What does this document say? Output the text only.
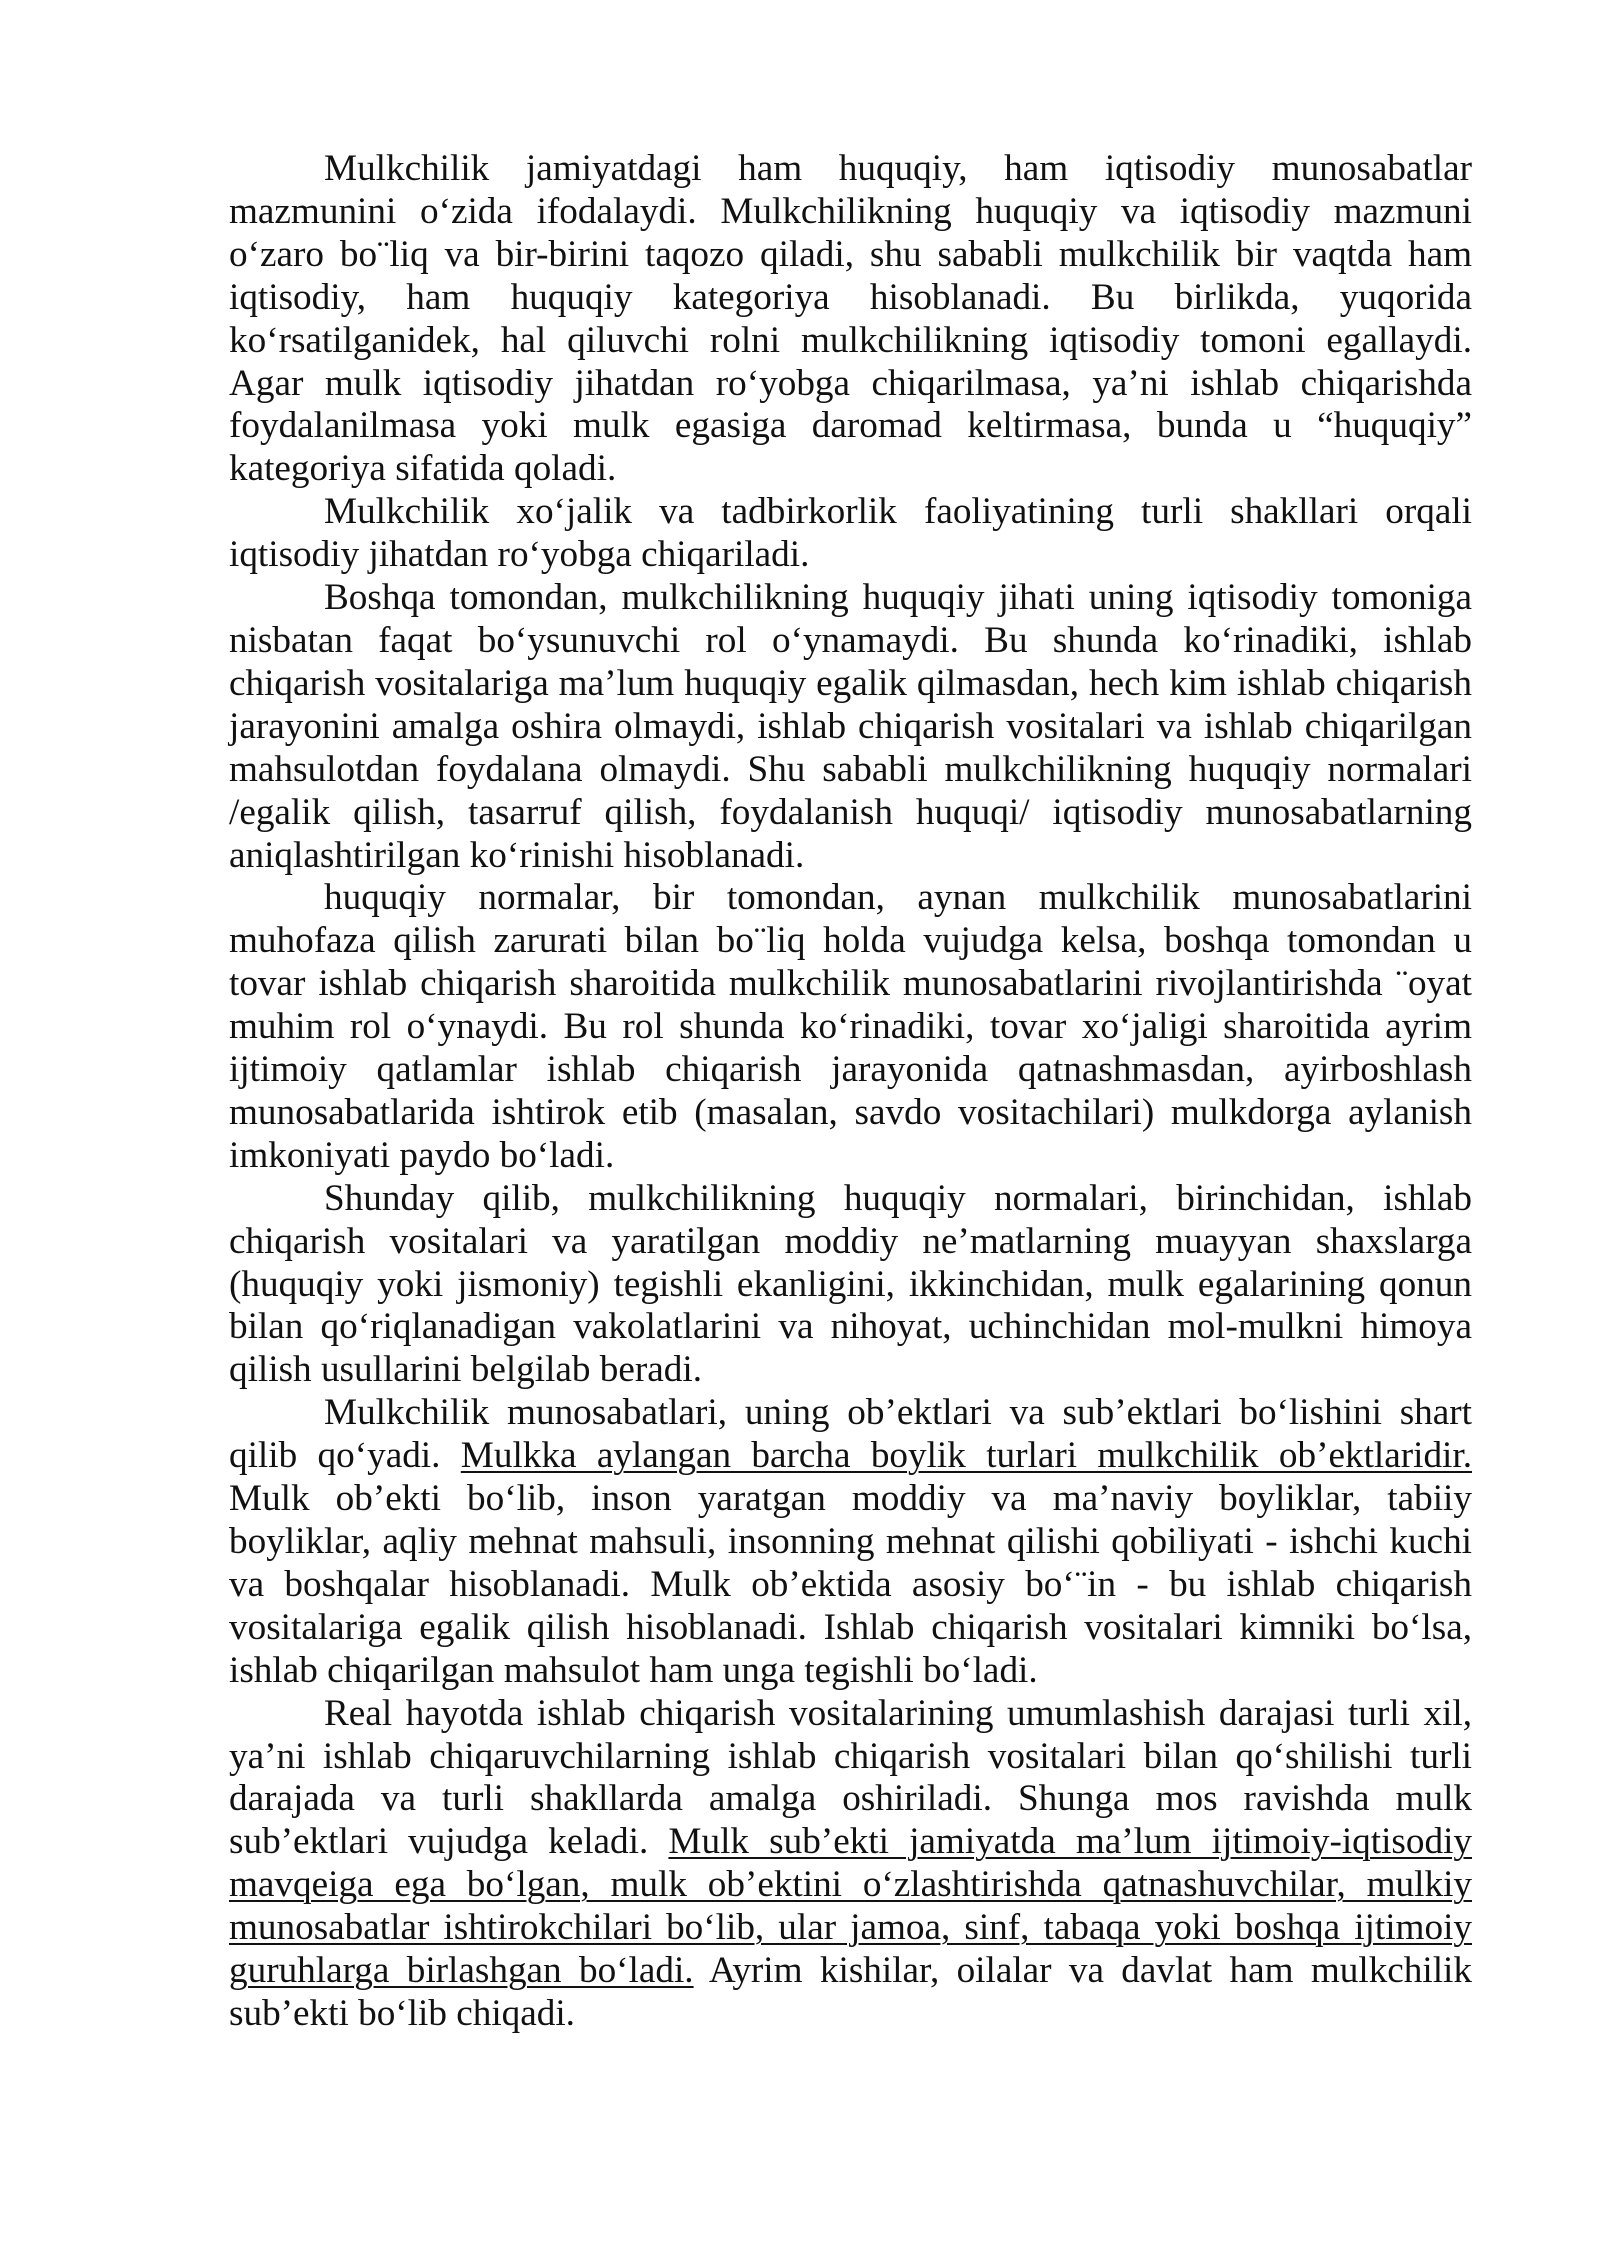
Mulkchilik jamiyatdagi ham huquqiy, ham iqtisodiy munosabatlar
mazmunini o‘zida ifodalaydi. Mulkchilikning huquqiy va iqtisodiy mazmuni
o‘zaro bo¨liq va bir-birini taqozo qiladi, shu sababli mulkchilik bir vaqtda ham
iqtisodiy, ham huquqiy kategoriya hisoblanadi. Bu birlikda, yuqorida
ko‘rsatilganidek, hal qiluvchi rolni mulkchilikning iqtisodiy tomoni egallaydi.
Agar mulk iqtisodiy jihatdan ro‘yobga chiqarilmasa, ya’ni ishlab chiqarishda
foydalanilmasa yoki mulk egasiga daromad keltirmasa, bunda u “huquqiy”
kategoriya sifatida qoladi.
Mulkchilik xo‘jalik va tadbirkorlik faoliyatining turli shakllari orqali
iqtisodiy jihatdan ro‘yobga chiqariladi.
Boshqa tomondan, mulkchilikning huquqiy jihati uning iqtisodiy tomoniga
nisbatan faqat bo‘ysunuvchi rol o‘ynamaydi. Bu shunda ko‘rinadiki, ishlab
chiqarish vositalariga ma’lum huquqiy egalik qilmasdan, hech kim ishlab chiqarish
jarayonini amalga oshira olmaydi, ishlab chiqarish vositalari va ishlab chiqarilgan
mahsulotdan foydalana olmaydi. Shu sababli mulkchilikning huquqiy normalari
/egalik qilish, tasarruf qilish, foydalanish huquqi/ iqtisodiy munosabatlarning
aniqlashtirilgan ko‘rinishi hisoblanadi.
huquqiy normalar, bir tomondan, aynan mulkchilik munosabatlarini
muhofaza qilish zarurati bilan bo¨liq holda vujudga kelsa, boshqa tomondan u
tovar ishlab chiqarish sharoitida mulkchilik munosabatlarini rivojlantirishda ¨oyat
muhim rol o‘ynaydi. Bu rol shunda ko‘rinadiki, tovar xo‘jaligi sharoitida ayrim
ijtimoiy qatlamlar ishlab chiqarish jarayonida qatnashmasdan, ayirboshlash
munosabatlarida ishtirok etib (masalan, savdo vositachilari) mulkdorga aylanish
imkoniyati paydo bo‘ladi.
Shunday qilib, mulkchilikning huquqiy normalari, birinchidan, ishlab
chiqarish vositalari va yaratilgan moddiy ne’matlarning muayyan shaxslarga
(huquqiy yoki jismoniy) tegishli ekanligini, ikkinchidan, mulk egalarining qonun
bilan qo‘riqlanadigan vakolatlarini va nihoyat, uchinchidan mol-mulkni himoya
qilish usullarini belgilab beradi.
Mulkchilik munosabatlari, uning ob’ektlari va sub’ektlari bo‘lishini shart
qilib qo‘yadi. Mulkka aylangan barcha boylik turlari mulkchilik ob’ektlaridir.
Mulk ob’ekti bo‘lib, inson yaratgan moddiy va ma’naviy boyliklar, tabiiy
boyliklar, aqliy mehnat mahsuli, insonning mehnat qilishi qobiliyati - ishchi kuchi
va boshqalar hisoblanadi. Mulk ob’ektida asosiy bo‘¨in - bu ishlab chiqarish
vositalariga egalik qilish hisoblanadi. Ishlab chiqarish vositalari kimniki bo‘lsa,
ishlab chiqarilgan mahsulot ham unga tegishli bo‘ladi.
Real hayotda ishlab chiqarish vositalarining umumlashish darajasi turli xil,
ya’ni ishlab chiqaruvchilarning ishlab chiqarish vositalari bilan qo‘shilishi turli
darajada va turli shakllarda amalga oshiriladi. Shunga mos ravishda mulk
sub’ektlari vujudga keladi. Mulk sub’ekti jamiyatda ma’lum ijtimoiy-iqtisodiy
mavqeiga ega bo‘lgan, mulk ob’ektini o‘zlashtirishda qatnashuvchilar, mulkiy
munosabatlar ishtirokchilari bo‘lib, ular jamoa, sinf, tabaqa yoki boshqa ijtimoiy
guruhlarga birlashgan bo‘ladi. Ayrim kishilar, oilalar va davlat ham mulkchilik
sub’ekti bo‘lib chiqadi.
